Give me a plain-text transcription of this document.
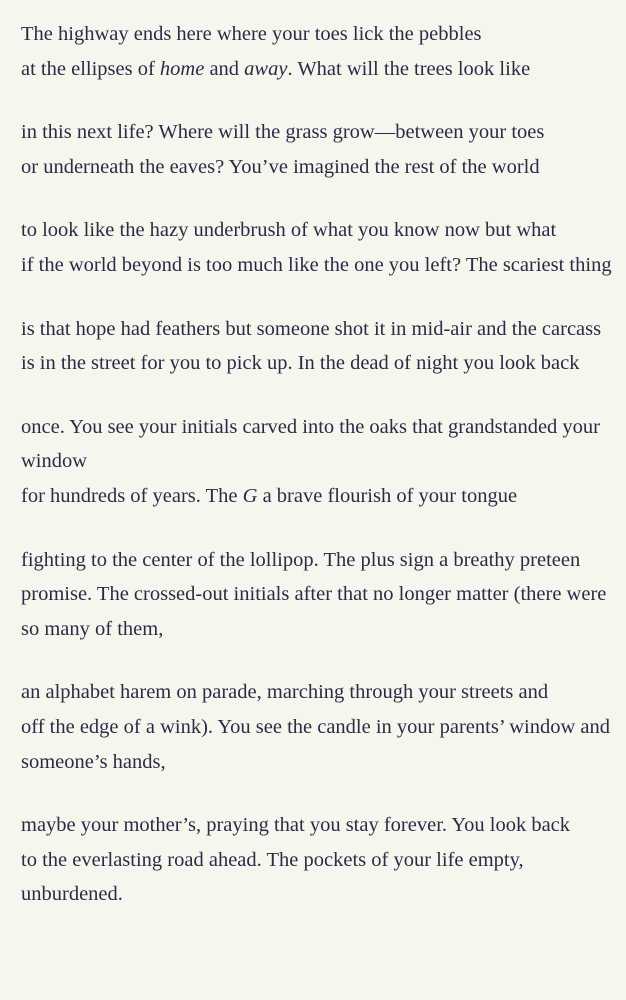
The highway ends here where your toes lick the pebbles
at the ellipses of home and away. What will the trees look like
in this next life? Where will the grass grow—between your toes
or underneath the eaves? You’ve imagined the rest of the world
to look like the hazy underbrush of what you know now but what
if the world beyond is too much like the one you left? The scariest thing
is that hope had feathers but someone shot it in mid-air and the carcass
is in the street for you to pick up. In the dead of night you look back
once. You see your initials carved into the oaks that grandstanded your window
for hundreds of years. The G a brave flourish of your tongue
fighting to the center of the lollipop. The plus sign a breathy preteen
promise. The crossed-out initials after that no longer matter (there were so many of them,
an alphabet harem on parade, marching through your streets and
off the edge of a wink). You see the candle in your parents’ window and someone’s hands,
maybe your mother’s, praying that you stay forever. You look back
to the everlasting road ahead. The pockets of your life empty, unburdened.
